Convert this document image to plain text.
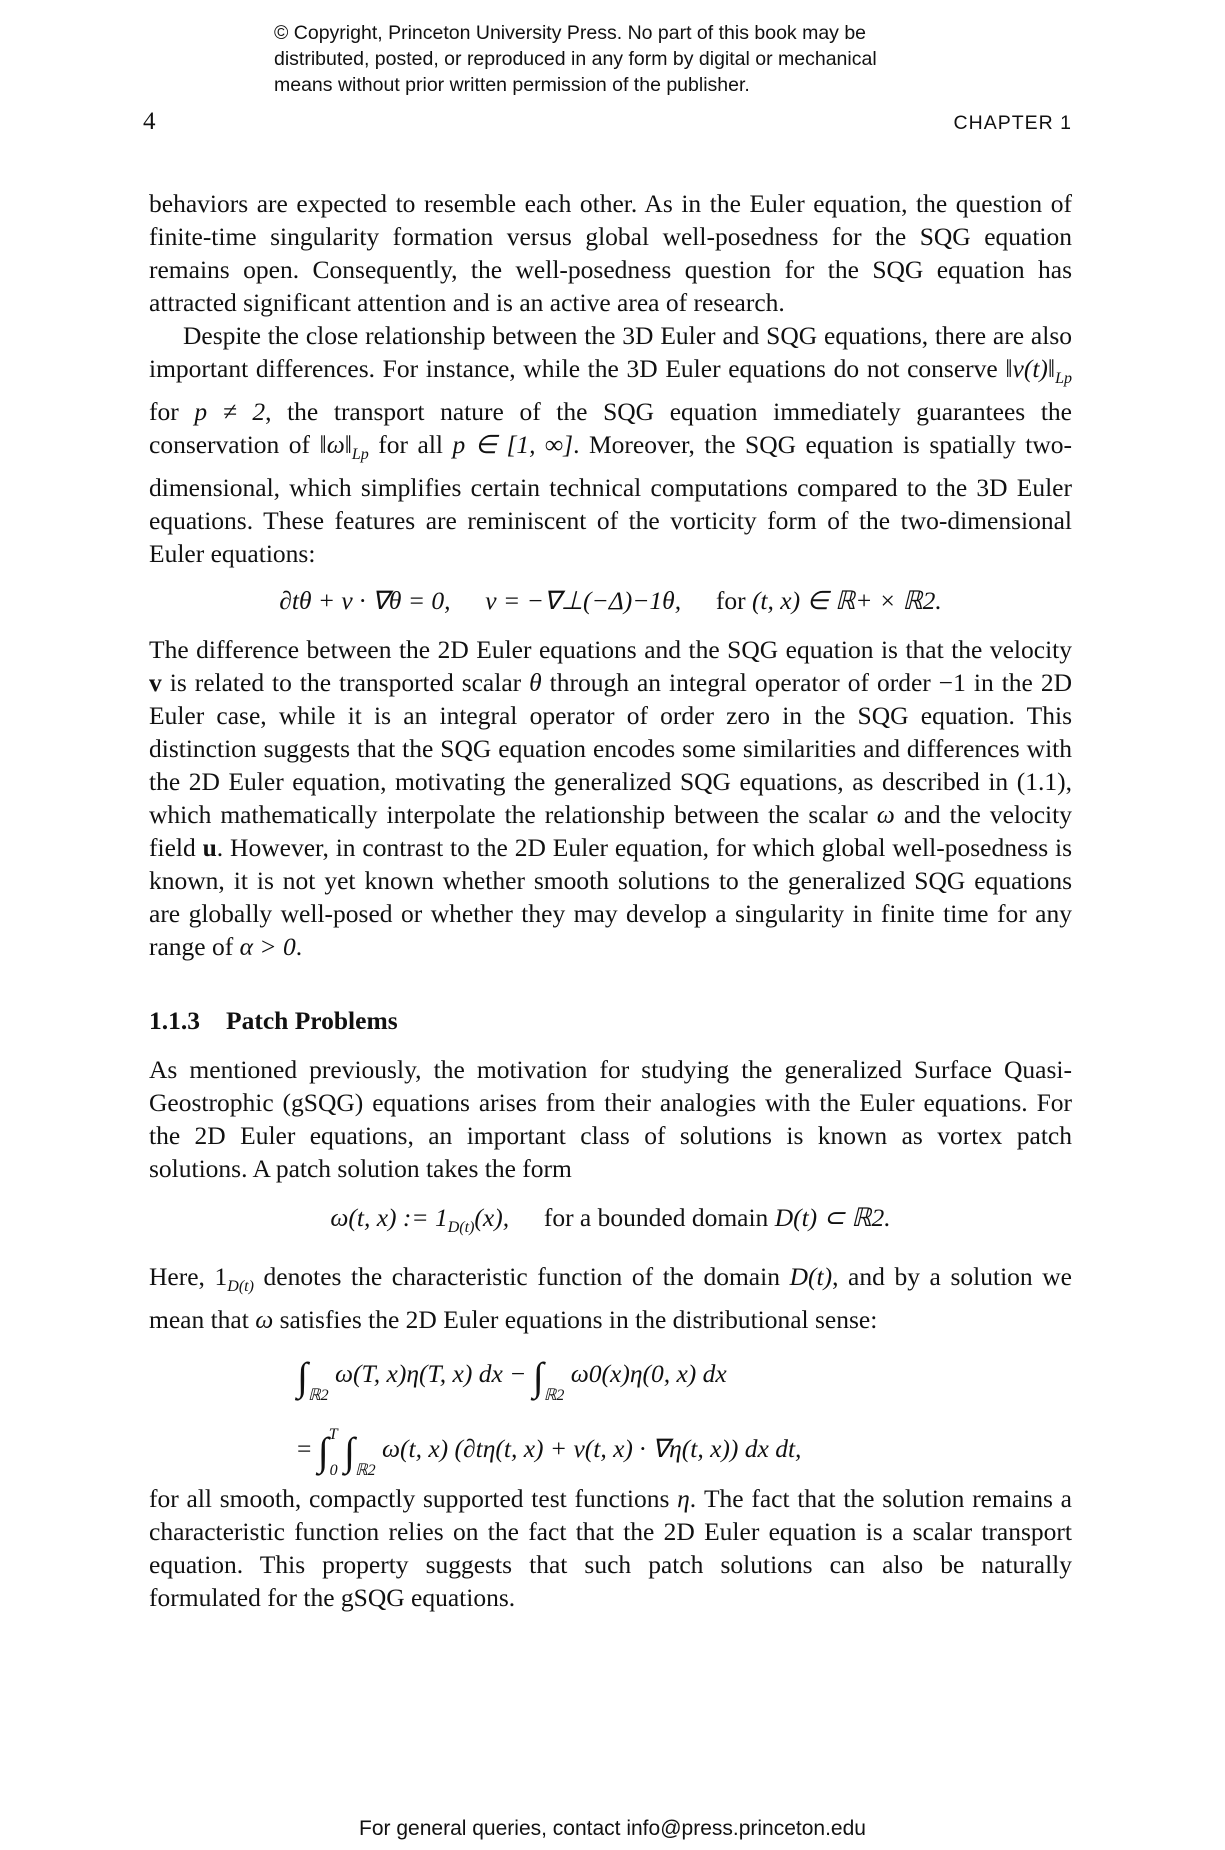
© Copyright, Princeton University Press. No part of this book may be
distributed, posted, or reproduced in any form by digital or mechanical
means without prior written permission of the publisher.
4	CHAPTER 1

behaviors are expected to resemble each other. As in the Euler equation, the question of finite-time singularity formation versus global well-posedness for the SQG equation remains open. Consequently, the well-posedness question for the SQG equation has attracted significant attention and is an active area of research.

Despite the close relationship between the 3D Euler and SQG equations, there are also important differences. For instance, while the 3D Euler equations do not conserve $‖v(t)‖_{Lp}$ for p ≠ 2, the transport nature of the SQG equation immediately guarantees the conservation of $‖\omega‖_{Lp}$ for all p ∈ [1, ∞]. Moreover, the SQG equation is spatially two-dimensional, which simplifies certain technical computations compared to the 3D Euler equations. These features are reminiscent of the vorticity form of the two-dimensional Euler equations:

∂tθ + v · ∇θ = 0, v = −∇⊥(−Δ)−1θ, for (t, x) ∈ ℝ+ × ℝ2.

The difference between the 2D Euler equations and the SQG equation is that the velocity v is related to the transported scalar θ through an integral operator of order −1 in the 2D Euler case, while it is an integral operator of order zero in the SQG equation. This distinction suggests that the SQG equation encodes some similarities and differences with the 2D Euler equation, motivating the generalized SQG equations, as described in (1.1), which mathematically interpolate the relationship between the scalar ω and the velocity field u. However, in contrast to the 2D Euler equation, for which global well-posedness is known, it is not yet known whether smooth solutions to the generalized SQG equations are globally well-posed or whether they may develop a singularity in finite time for any range of α > 0.

1.1.3 Patch Problems

As mentioned previously, the motivation for studying the generalized Surface Quasi-Geostrophic (gSQG) equations arises from their analogies with the Euler equations. For the 2D Euler equations, an important class of solutions is known as vortex patch solutions. A patch solution takes the form

ω(t, x) := $1_{D(t)}(x)$, for a bounded domain D(t) ⊂ ℝ2.

Here, $1_{D(t)}$ denotes the characteristic function of the domain D(t), and by a solution we mean that ω satisfies the 2D Euler equations in the distributional sense:

$\int_{ℝ2}$ ω(T, x)η(T, x) dx − $\int_{ℝ2}$ ω0(x)η(0, x) dx
= ∫$^T_0$ $\int_{ℝ2}$ ω(t, x) (∂tη(t, x) + v(t, x) · ∇η(t, x)) dx dt,

for all smooth, compactly supported test functions η. The fact that the solution remains a characteristic function relies on the fact that the 2D Euler equation is a scalar transport equation. This property suggests that such patch solutions can also be naturally formulated for the gSQG equations.

For general queries, contact info@press.princeton.edu
